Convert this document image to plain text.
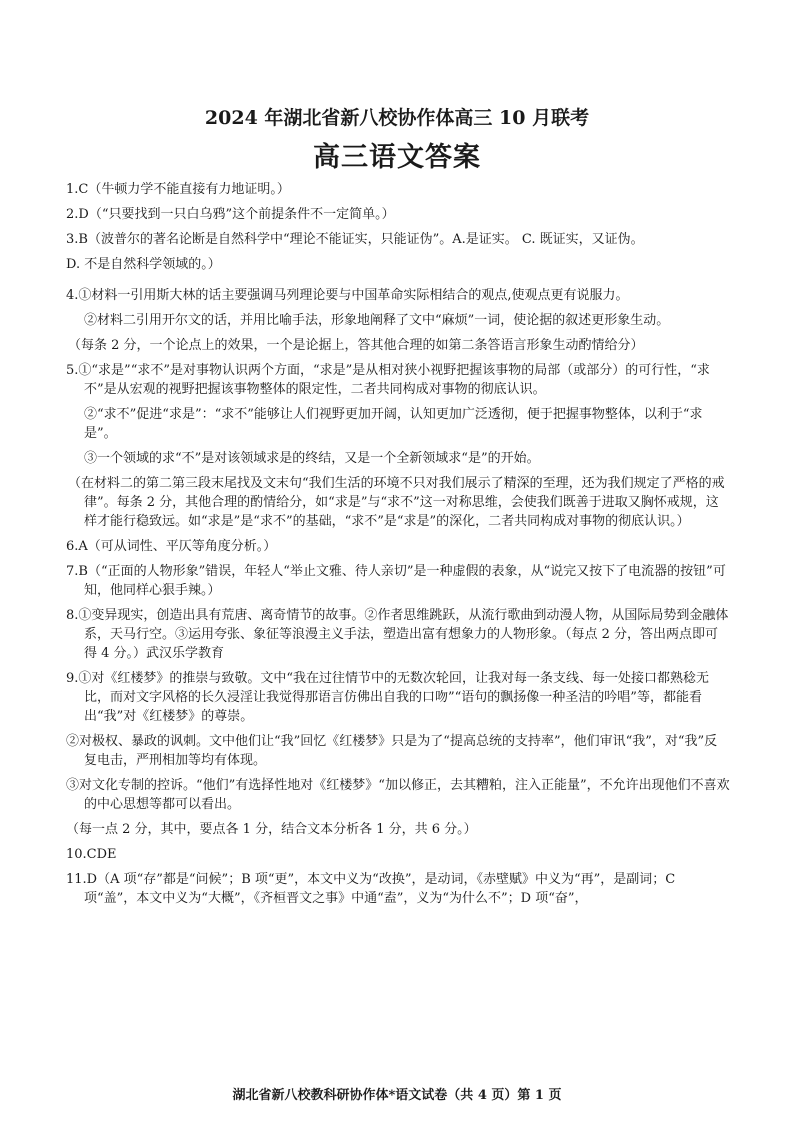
2024 年湖北省新八校协作体高三 10 月联考
高三语文答案

1.C（牛顿力学不能直接有力地证明。）

2.D（“只要找到一只白乌鸦”这个前提条件不一定简单。）

3.B（波普尔的著名论断是自然科学中“理论不能证实，只能证伪”。A.是证实。 C. 既证实，又证伪。

D. 不是自然科学领域的。）

4.①材料一引用斯大林的话主要强调马列理论要与中国革命实际相结合的观点,使观点更有说服力。

②材料二引用开尔文的话，并用比喻手法，形象地阐释了文中“麻烦”一词，使论据的叙述更形象生动。

（每条 2 分，一个论点上的效果，一个是论据上，答其他合理的如第二条答语言形象生动酌情给分）

5.①“求是”“求不”是对事物认识两个方面，“求是”是从相对狭小视野把握该事物的局部（或部分）的可行性，“求不”是从宏观的视野把握该事物整体的限定性，二者共同构成对事物的彻底认识。

②“求不”促进“求是”：“求不”能够让人们视野更加开阔，认知更加广泛透彻，便于把握事物整体，以利于“求是”。

③一个领域的求“不”是对该领域求是的终结，又是一个全新领域求“是”的开始。

（在材料二的第二第三段末尾找及文末句“我们生活的环境不只对我们展示了精深的至理，还为我们规定了严格的戒律”。每条 2 分，其他合理的酌情给分，如“求是”与“求不”这一对称思维，会使我们既善于进取又胸怀戒规，这样才能行稳致远。如“求是”是“求不”的基础，“求不”是“求是”的深化，二者共同构成对事物的彻底认识。）

6.A（可从词性、平仄等角度分析。）

7.B（“正面的人物形象”错误，年轻人“举止文雅、待人亲切”是一种虚假的表象，从“说完又按下了电流器的按钮”可知，他同样心狠手辣。）

8.①变异现实，创造出具有荒唐、离奇情节的故事。②作者思维跳跃，从流行歌曲到动漫人物，从国际局势到金融体系，天马行空。③运用夸张、象征等浪漫主义手法，塑造出富有想象力的人物形象。（每点 2 分，答出两点即可得 4 分。）武汉乐学教育

9.①对《红楼梦》的推崇与致敬。文中“我在过往情节中的无数次轮回，让我对每一条支线、每一处接口都熟稔无比，而对文字风格的长久浸淫让我觉得那语言仿佛出自我的口吻”“语句的飘扬像一种圣洁的吟唱”等，都能看出“我”对《红楼梦》的尊崇。

②对极权、暴政的讽刺。文中他们让“我”回忆《红楼梦》只是为了“提高总统的支持率”，他们审讯“我”，对“我”反复电击，严刑相加等均有体现。

③对文化专制的控诉。“他们”有选择性地对《红楼梦》“加以修正，去其糟粕，注入正能量”，不允许出现他们不喜欢的中心思想等都可以看出。

（每一点 2 分，其中，要点各 1 分，结合文本分析各 1 分，共 6 分。）

10.CDE

11.D（A 项“存”都是“问候”；B 项“更”，本文中义为“改换”，是动词，《赤壁赋》中义为“再”，是副词；C 项“盖”，本文中义为“大概”，《齐桓晋文之事》中通“盍”，义为“为什么不”；D 项“奋”，

湖北省新八校教科研协作体*语文试卷（共 4 页）第 1 页
